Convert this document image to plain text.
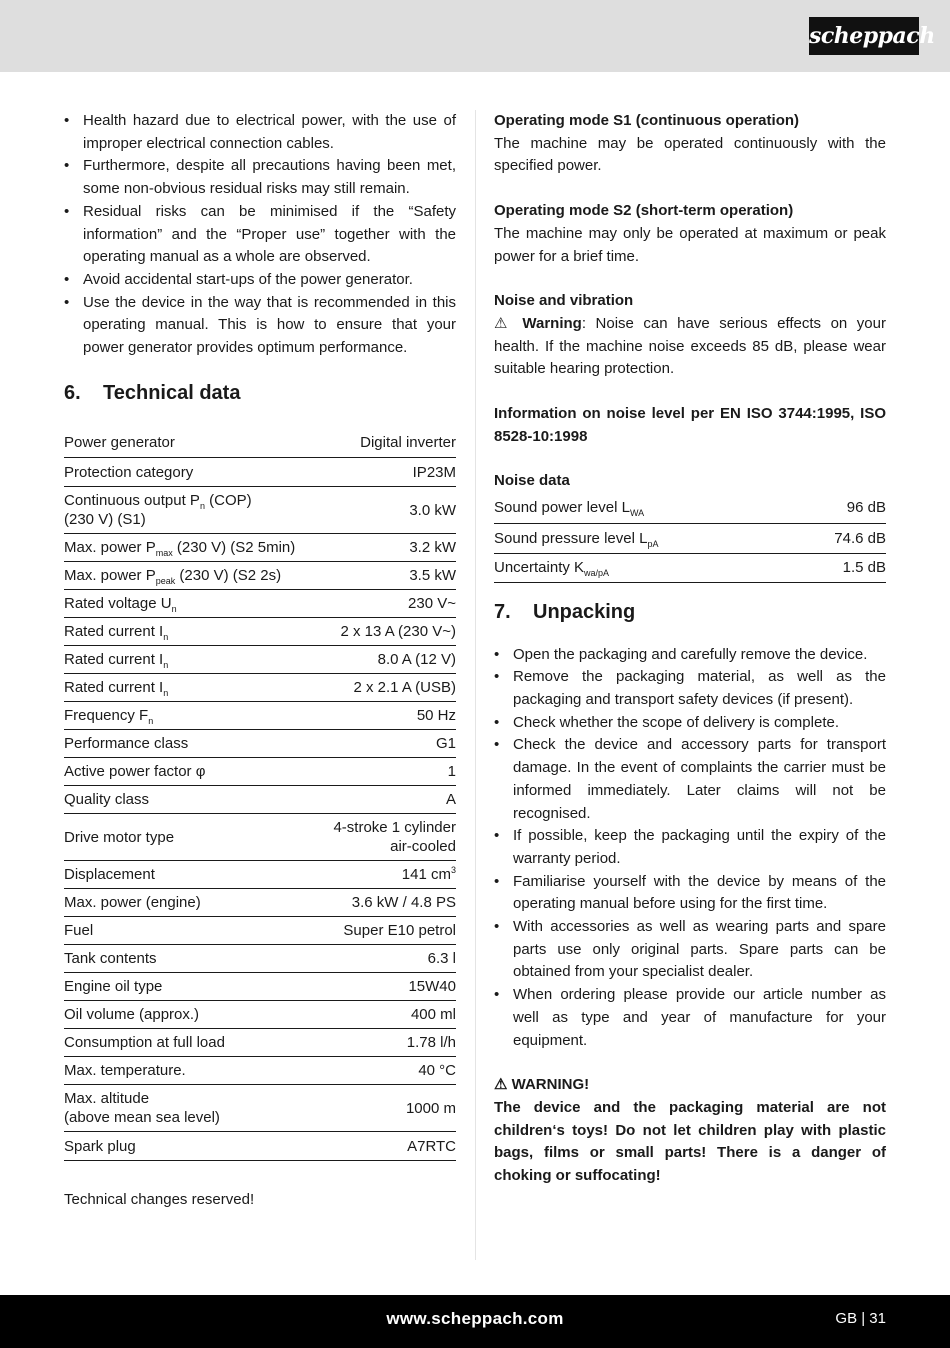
scheppach
• Health hazard due to electrical power, with the use of improper electrical connection cables.
• Furthermore, despite all precautions having been met, some non-obvious residual risks may still remain.
• Residual risks can be minimised if the “Safety information” and the “Proper use” together with the operating manual as a whole are observed.
• Avoid accidental start-ups of the power generator.
• Use the device in the way that is recommended in this operating manual. This is how to ensure that your power generator provides optimum performance.
6.	Technical data
Power generator	Digital inverter
Protection category	IP23M
Continuous output $P_n$ (COP)
(230 V) (S1)	3.0 kW
Max. power $P_{max}$ (230 V) (S2 5min)	3.2 kW
Max. power $P_{peak}$ (230 V) (S2 2s)	3.5 kW
Rated voltage $U_n$	230 V~
Rated current $I_n$	2 x 13 A (230 V~)
Rated current $I_n$	8.0 A (12 V)
Rated current $I_n$	2 x 2.1 A (USB)
Frequency $F_n$	50 Hz
Performance class	G1
Active power factor φ	1
Quality class	A
Drive motor type	4-stroke 1 cylinder
air-cooled
Displacement	141 $cm^3$
Max. power (engine)	3.6 kW / 4.8 PS
Fuel	Super E10 petrol
Tank contents	6.3 l
Engine oil type	15W40
Oil volume (approx.)	400 ml
Consumption at full load	1.78 l/h
Max. temperature.	40 °C
Max. altitude
(above mean sea level)	1000 m
Spark plug	A7RTC

Technical changes reserved!

Operating mode S1 (continuous operation)

The machine may be operated continuously with the specified power.

Operating mode S2 (short-term operation)

The machine may only be operated at maximum or peak power for a brief time.

Noise and vibration

⚠ Warning: Noise can have serious effects on your health. If the machine noise exceeds 85 dB, please wear suitable hearing protection.

Information on noise level per EN ISO 3744:1995, ISO 8528-10:1998

Noise data

Sound power level $L_{WA}$	96 dB
Sound pressure level $L_{pA}$	74.6 dB
Uncertainty $K_{wa/pA}$	1.5 dB
7.	Unpacking
• Open the packaging and carefully remove the device.
• Remove the packaging material, as well as the packaging and transport safety devices (if present).
• Check whether the scope of delivery is complete.
• Check the device and accessory parts for transport damage. In the event of complaints the carrier must be informed immediately. Later claims will not be recognised.
• If possible, keep the packaging until the expiry of the warranty period.
• Familiarise yourself with the device by means of the operating manual before using for the first time.
• With accessories as well as wearing parts and spare parts use only original parts. Spare parts can be obtained from your specialist dealer.
• When ordering please provide our article number as well as type and year of manufacture for your equipment.

⚠ WARNING!

The device and the packaging material are not children‘s toys! Do not let children play with plastic bags, films or small parts! There is a danger of choking or suffocating!

www.scheppach.com	GB | 31
